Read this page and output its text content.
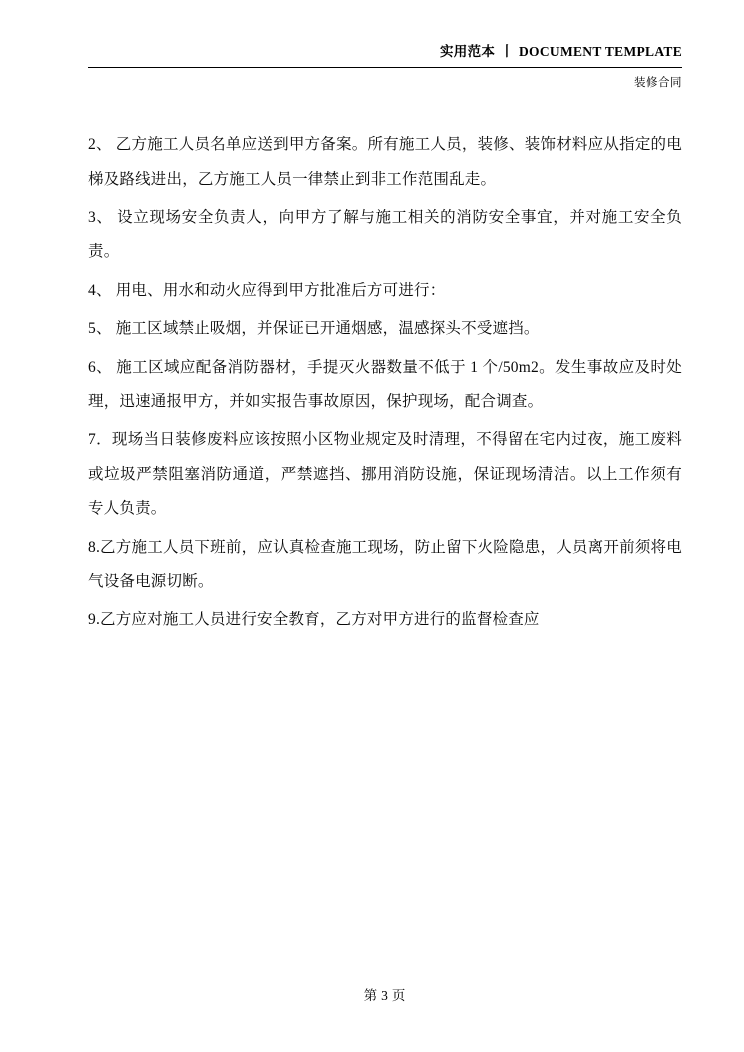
实用范本 丨 DOCUMENT TEMPLATE
装修合同

2、 乙方施工人员名单应送到甲方备案。所有施工人员，装修、装饰材料应从指定的电梯及路线进出，乙方施工人员一律禁止到非工作范围乱走。

3、 设立现场安全负责人，向甲方了解与施工相关的消防安全事宜，并对施工安全负责。

4、 用电、用水和动火应得到甲方批准后方可进行：

5、 施工区域禁止吸烟，并保证已开通烟感，温感探头不受遮挡。

6、 施工区域应配备消防器材，手提灭火器数量不低于 1 个/50m2。发生事故应及时处理，迅速通报甲方，并如实报告事故原因，保护现场，配合调查。

7．现场当日装修废料应该按照小区物业规定及时清理，不得留在宅内过夜，施工废料或垃圾严禁阻塞消防通道，严禁遮挡、挪用消防设施，保证现场清洁。以上工作须有专人负责。

8.乙方施工人员下班前，应认真检查施工现场，防止留下火险隐患，人员离开前须将电气设备电源切断。

9.乙方应对施工人员进行安全教育，乙方对甲方进行的监督检查应

第 3 页
